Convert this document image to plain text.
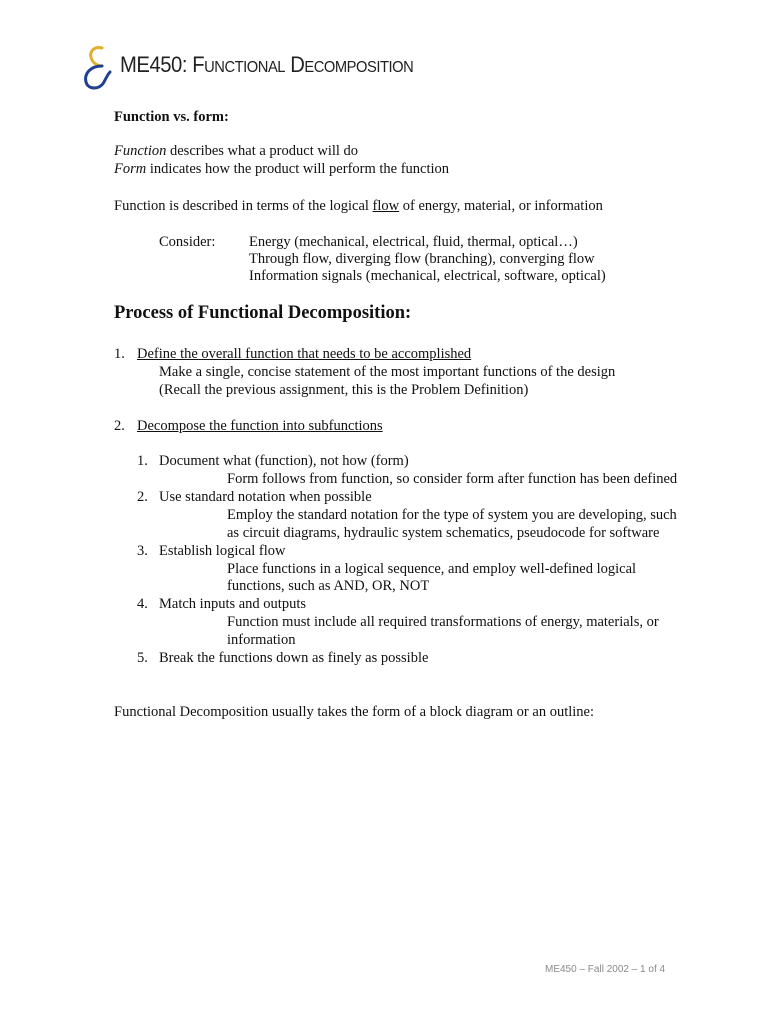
ME450: FUNCTIONAL DECOMPOSITION
Function vs. form:
Function describes what a product will do
Form indicates how the product will perform the function
Function is described in terms of the logical flow of energy, material, or information
Consider: Energy (mechanical, electrical, fluid, thermal, optical…)
Through flow, diverging flow (branching), converging flow
Information signals (mechanical, electrical, software, optical)
Process of Functional Decomposition:
1. Define the overall function that needs to be accomplished
Make a single, concise statement of the most important functions of the design
(Recall the previous assignment, this is the Problem Definition)
2. Decompose the function into subfunctions
1. Document what (function), not how (form)
Form follows from function, so consider form after function has been defined
2. Use standard notation when possible
Employ the standard notation for the type of system you are developing, such
as circuit diagrams, hydraulic system schematics, pseudocode for software
3. Establish logical flow
Place functions in a logical sequence, and employ well-defined logical
functions, such as AND, OR, NOT
4. Match inputs and outputs
Function must include all required transformations of energy, materials, or
information
5. Break the functions down as finely as possible
Functional Decomposition usually takes the form of a block diagram or an outline:
ME450 – Fall 2002 – 1 of 4
